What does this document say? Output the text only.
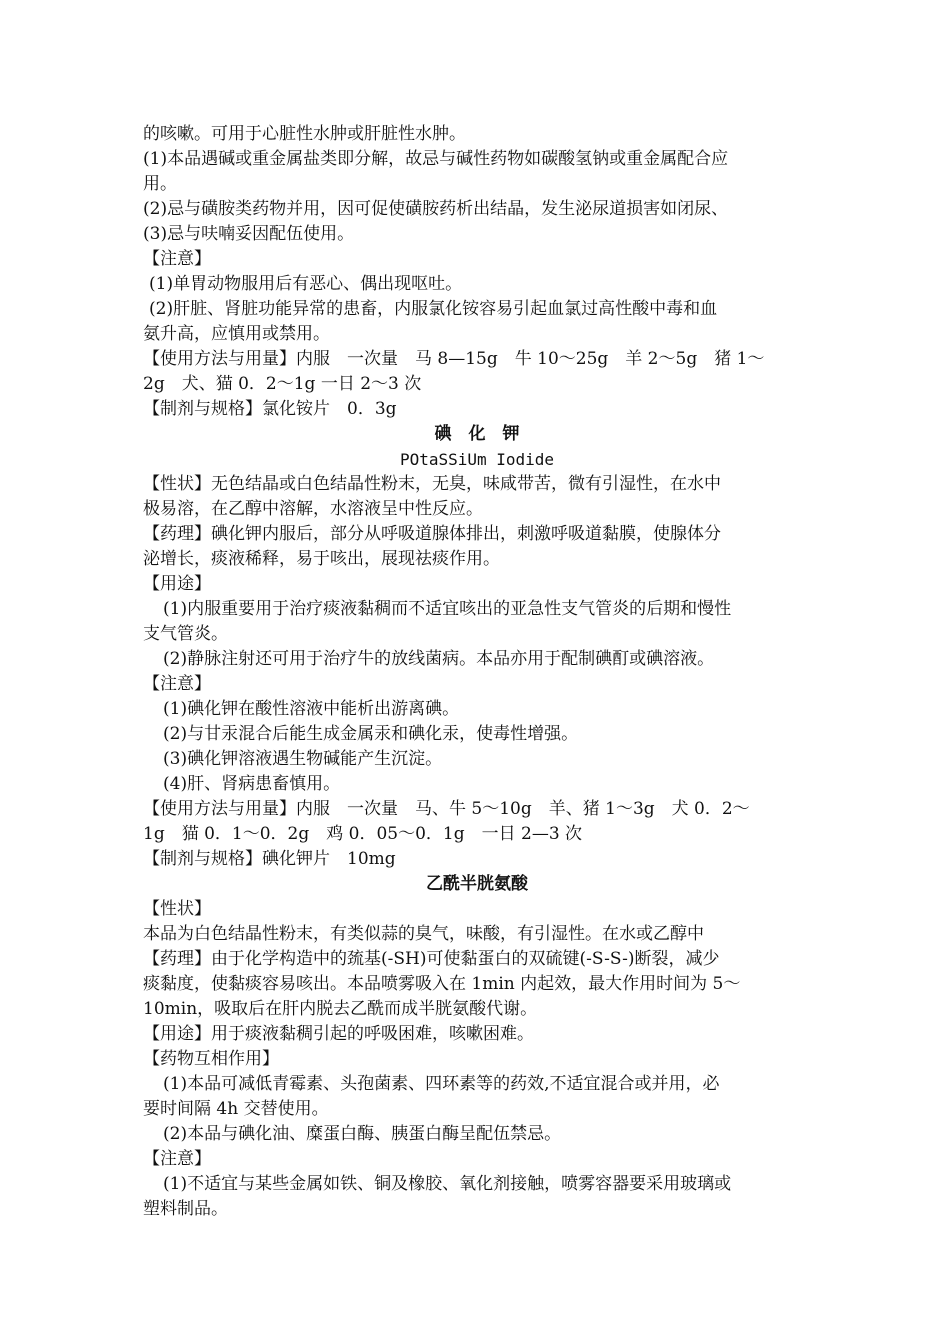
的咳嗽。可用于心脏性水肿或肝脏性水肿。
(1)本品遇碱或重金属盐类即分解，故忌与碱性药物如碳酸氢钠或重金属配合应
用。
(2)忌与磺胺类药物并用，因可促使磺胺药析出结晶，发生泌尿道损害如闭尿、
(3)忌与呋喃妥因配伍使用。
【注意】
(1)单胃动物服用后有恶心、偶出现呕吐。
(2)肝脏、肾脏功能异常的患畜，内服氯化铵容易引起血氯过高性酸中毒和血
氨升高，应慎用或禁用。
【使用方法与用量】内服　一次量　马 8—15g　牛 10～25g　羊 2～5g　猪 1～
2g　犬、猫 0．2～1g 一日 2～3 次
【制剂与规格】氯化铵片　0．3g
碘　化　钾
POtaSSiUm Iodide
【性状】无色结晶或白色结晶性粉末，无臭，味咸带苦，微有引湿性，在水中
极易溶，在乙醇中溶解，水溶液呈中性反应。
【药理】碘化钾内服后，部分从呼吸道腺体排出，刺激呼吸道黏膜，使腺体分
泌增长，痰液稀释，易于咳出，展现祛痰作用。
【用途】
(1)内服重要用于治疗痰液黏稠而不适宜咳出的亚急性支气管炎的后期和慢性
支气管炎。
(2)静脉注射还可用于治疗牛的放线菌病。本品亦用于配制碘酊或碘溶液。
【注意】
(1)碘化钾在酸性溶液中能析出游离碘。
(2)与甘汞混合后能生成金属汞和碘化汞，使毒性增强。
(3)碘化钾溶液遇生物碱能产生沉淀。
(4)肝、肾病患畜慎用。
【使用方法与用量】内服　一次量　马、牛 5～10g　羊、猪 1～3g　犬 0．2～
1g　猫 0．1～0．2g　鸡 0．05～0．1g　一日 2—3 次
【制剂与规格】碘化钾片　10mg
乙酰半胱氨酸
【性状】
本品为白色结晶性粉末，有类似蒜的臭气，味酸，有引湿性。在水或乙醇中
【药理】由于化学构造中的巯基(-SH)可使黏蛋白的双硫键(-S-S-)断裂，减少
痰黏度，使黏痰容易咳出。本品喷雾吸入在 1min 内起效，最大作用时间为 5～
10min，吸取后在肝内脱去乙酰而成半胱氨酸代谢。
【用途】用于痰液黏稠引起的呼吸困难，咳嗽困难。
【药物互相作用】
(1)本品可减低青霉素、头孢菌素、四环素等的药效,不适宜混合或并用，必
要时间隔 4h 交替使用。
(2)本品与碘化油、糜蛋白酶、胰蛋白酶呈配伍禁忌。
【注意】
(1)不适宜与某些金属如铁、铜及橡胶、氧化剂接触，喷雾容器要采用玻璃或
塑料制品。
